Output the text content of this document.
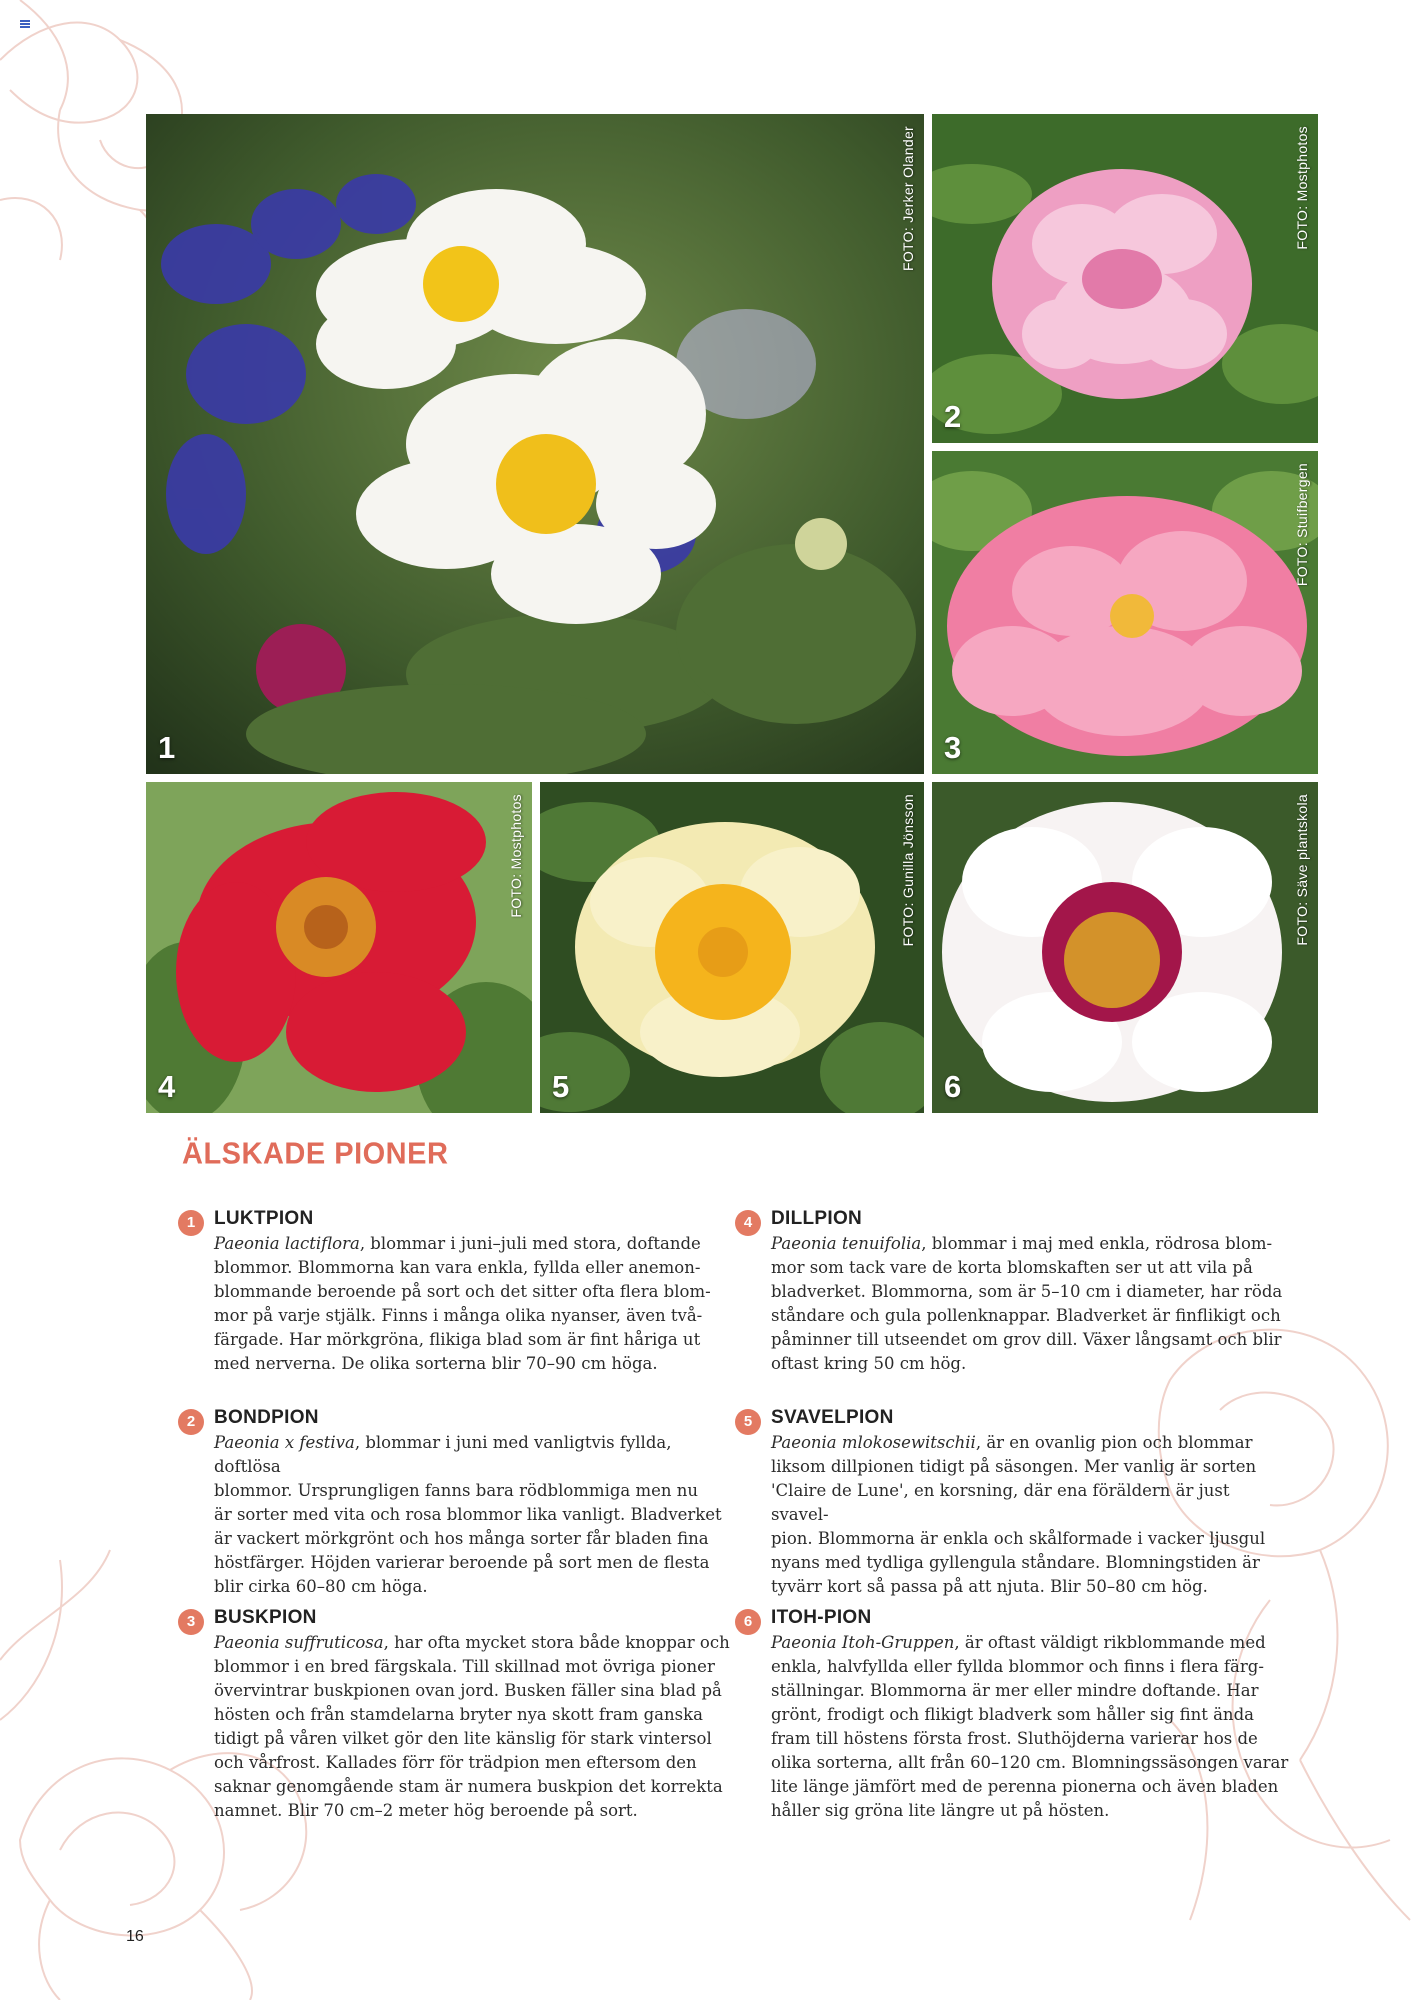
1
FOTO: Jerker Olander
2
FOTO: Mostphotos
3
FOTO: Stuifbergen
4
FOTO: Mostphotos
5
FOTO: Gunilla Jönsson
6
FOTO: Säve plantskola
ÄLSKADE PIONER
1 LUKTPION

Paeonia lactiflora, blommar i juni–juli med stora, doftande
blommor. Blommorna kan vara enkla, fyllda eller anemon-
blommande beroende på sort och det sitter ofta flera blom-
mor på varje stjälk. Finns i många olika nyanser, även två-
färgade. Har mörkgröna, flikiga blad som är fint håriga ut
med nerverna. De olika sorterna blir 70–90 cm höga.

2 BONDPION

Paeonia x festiva, blommar i juni med vanligtvis fyllda, doftlösa
blommor. Ursprungligen fanns bara rödblommiga men nu
är sorter med vita och rosa blommor lika vanligt. Bladverket
är vackert mörkgrönt och hos många sorter får bladen fina
höstfärger. Höjden varierar beroende på sort men de flesta
blir cirka 60–80 cm höga.

3 BUSKPION

Paeonia suffruticosa, har ofta mycket stora både knoppar och
blommor i en bred färgskala. Till skillnad mot övriga pioner
övervintrar buskpionen ovan jord. Busken fäller sina blad på
hösten och från stamdelarna bryter nya skott fram ganska
tidigt på våren vilket gör den lite känslig för stark vintersol
och vårfrost. Kallades förr för trädpion men eftersom den
saknar genomgående stam är numera buskpion det korrekta
namnet. Blir 70 cm–2 meter hög beroende på sort.

4 DILLPION

Paeonia tenuifolia, blommar i maj med enkla, rödrosa blom-
mor som tack vare de korta blomskaften ser ut att vila på
bladverket. Blommorna, som är 5–10 cm i diameter, har röda
ståndare och gula pollenknappar. Bladverket är finflikigt och
påminner till utseendet om grov dill. Växer långsamt och blir
oftast kring 50 cm hög.

5 SVAVELPION

Paeonia mlokosewitschii, är en ovanlig pion och blommar
liksom dillpionen tidigt på säsongen. Mer vanlig är sorten
'Claire de Lune', en korsning, där ena föräldern är just svavel-
pion. Blommorna är enkla och skålformade i vacker ljusgul
nyans med tydliga gyllengula ståndare. Blomningstiden är
tyvärr kort så passa på att njuta. Blir 50–80 cm hög.

6 ITOH-PION

Paeonia Itoh-Gruppen, är oftast väldigt rikblommande med
enkla, halvfyllda eller fyllda blommor och finns i flera färg-
ställningar. Blommorna är mer eller mindre doftande. Har
grönt, frodigt och flikigt bladverk som håller sig fint ända
fram till höstens första frost. Sluthöjderna varierar hos de
olika sorterna, allt från 60–120 cm. Blomningssäsongen varar
lite länge jämfört med de perenna pionerna och även bladen
håller sig gröna lite längre ut på hösten.

16
